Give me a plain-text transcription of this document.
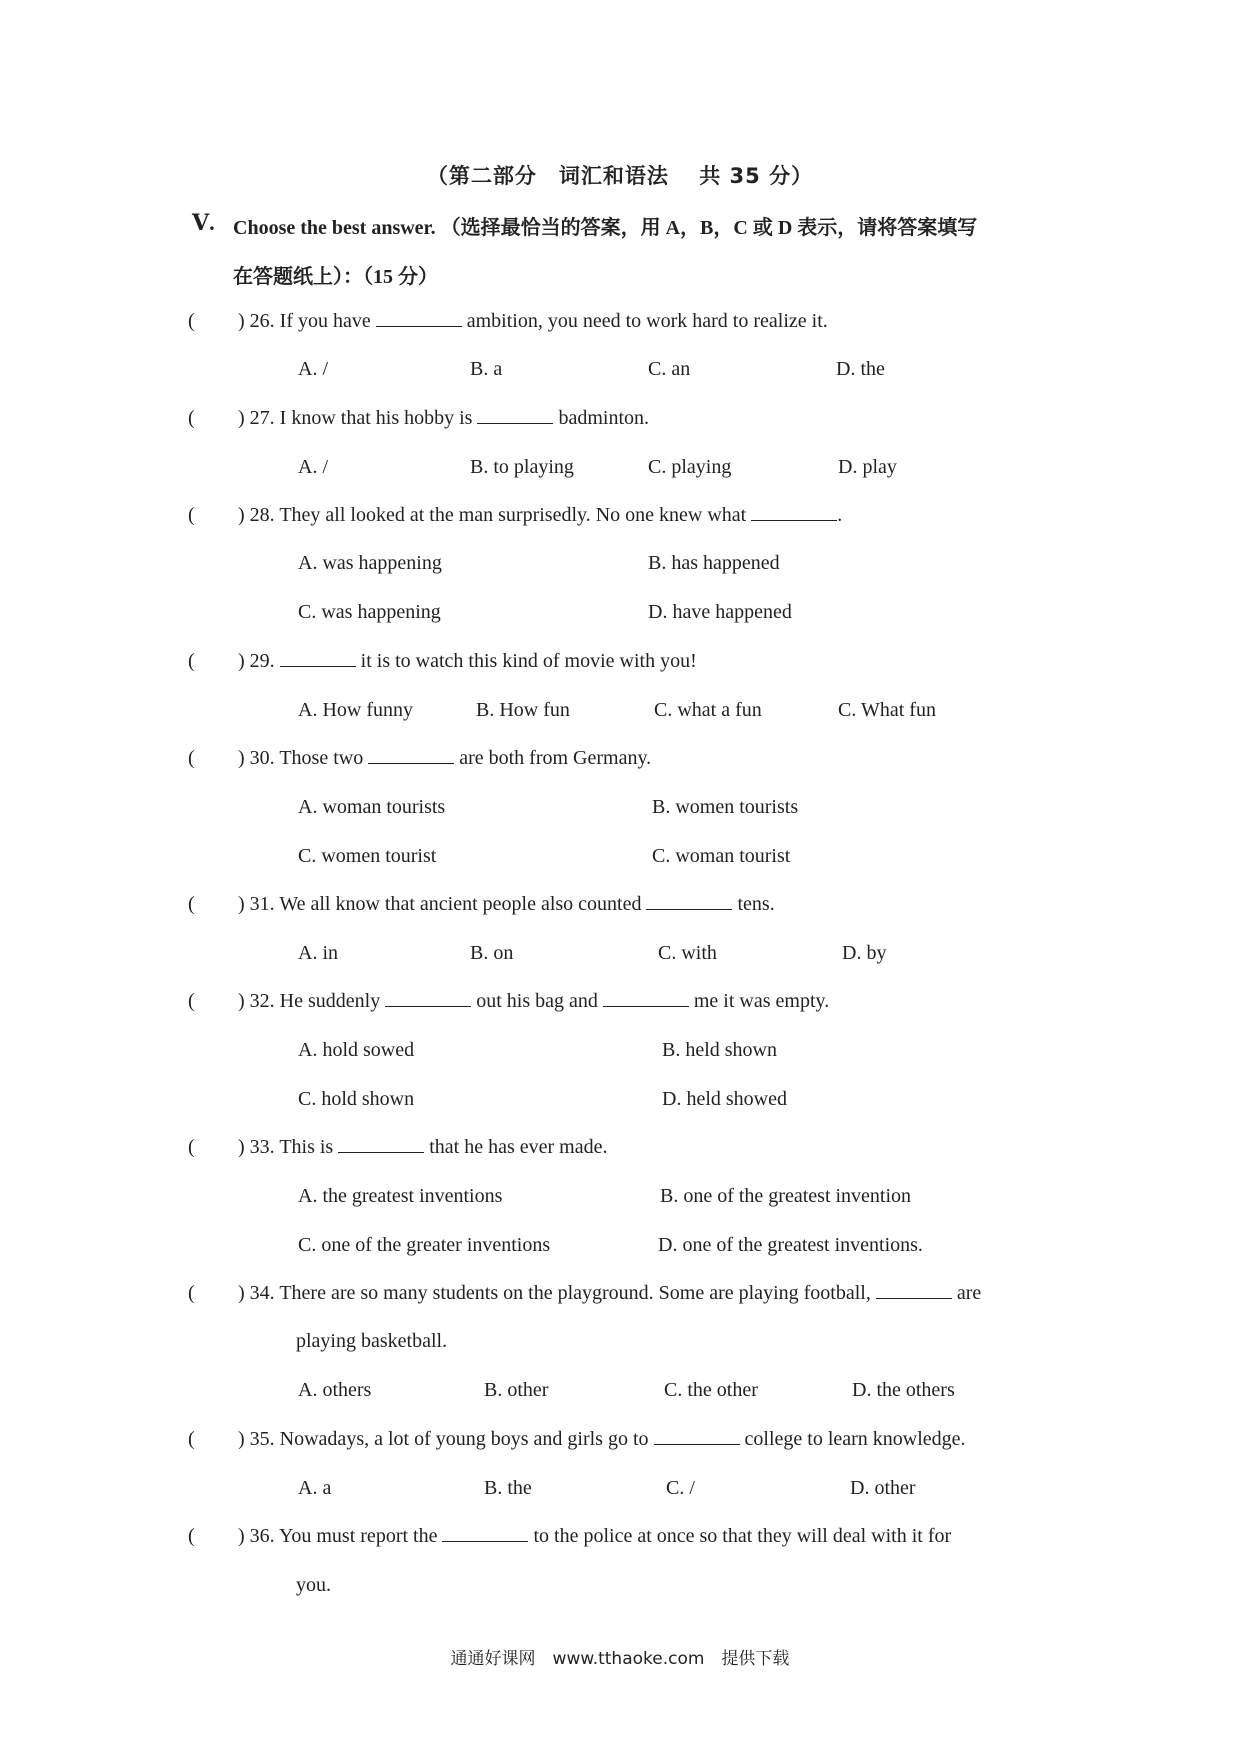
（第二部分　词汇和语法　 共 35 分）
Ⅴ. Choose the best answer. （选择最恰当的答案，用 A，B，C 或 D 表示，请将答案填写
在答题纸上）：（15 分）
( ) 26. If you have	ambition, you need to work hard to realize it.
A. /	B. a	C. an	D. the
( ) 27. I know that his hobby is	badminton.
A. /	B. to playing	C. playing	D. play
( ) 28. They all looked at the man surprisedly. No one knew what	.
A. was happening	B. has happened
C. was happening	D. have happened
( ) 29.	it is to watch this kind of movie with you!
A. How funny	B. How fun	C. what a fun	C. What fun
( ) 30. Those two	are both from Germany.
A. woman tourists	B. women tourists
C. women tourist	C. woman tourist
( ) 31. We all know that ancient people also counted	tens.
A. in	B. on	C. with	D. by
( ) 32. He suddenly	out his bag and	me it was empty.
A. hold sowed	B. held shown
C. hold shown	D. held showed
( ) 33. This is	that he has ever made.
A. the greatest inventions	B. one of the greatest invention
C. one of the greater inventions	D. one of the greatest inventions.
( ) 34. There are so many students on the playground. Some are playing football,	are
playing basketball.
A. others	B. other	C. the other	D. the others
( ) 35. Nowadays, a lot of young boys and girls go to	college to learn knowledge.
A. a	B. the	C. /	D. other
( ) 36. You must report the	to the police at once so that they will deal with it for
you.
通通好课网　www.tthaoke.com　提供下载
